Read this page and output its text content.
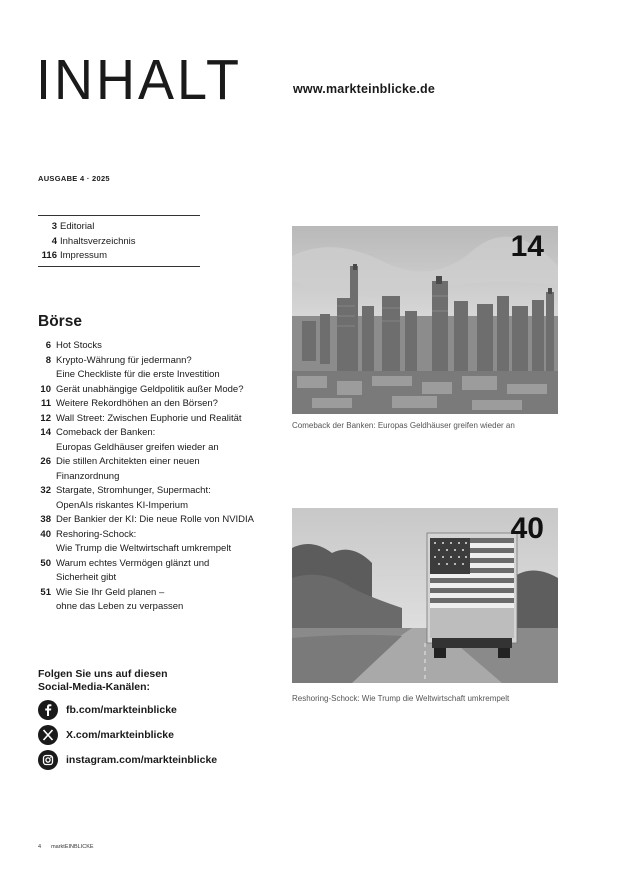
INHALT	www.markteinblicke.de
AUSGABE 4 · 2025
3 Editorial
4 Inhaltsverzeichnis
116 Impressum
Börse
6 Hot Stocks
8 Krypto-Währung für jedermann?
Eine Checkliste für die erste Investition
10 Gerät unabhängige Geldpolitik außer Mode?
11 Weitere Rekordhöhen an den Börsen?
12 Wall Street: Zwischen Euphorie und Realität
14 Comeback der Banken:
Europas Geldhäuser greifen wieder an
26 Die stillen Architekten einer neuen
Finanzordnung
32 Stargate, Stromhunger, Supermacht:
OpenAIs riskantes KI-Imperium
38 Der Bankier der KI: Die neue Rolle von NVIDIA
40 Reshoring-Schock:
Wie Trump die Weltwirtschaft umkrempelt
50 Warum echtes Vermögen glänzt und
Sicherheit gibt
51 Wie Sie Ihr Geld planen –
ohne das Leben zu verpassen
Folgen Sie uns auf diesen
Social-Media-Kanälen:
fb.com/markteinblicke
X.com/markteinblicke
instagram.com/markteinblicke
14
Comeback der Banken: Europas Geldhäuser greifen wieder an
40
Reshoring-Schock: Wie Trump die Weltwirtschaft umkrempelt
4 marktEINBLICKE
